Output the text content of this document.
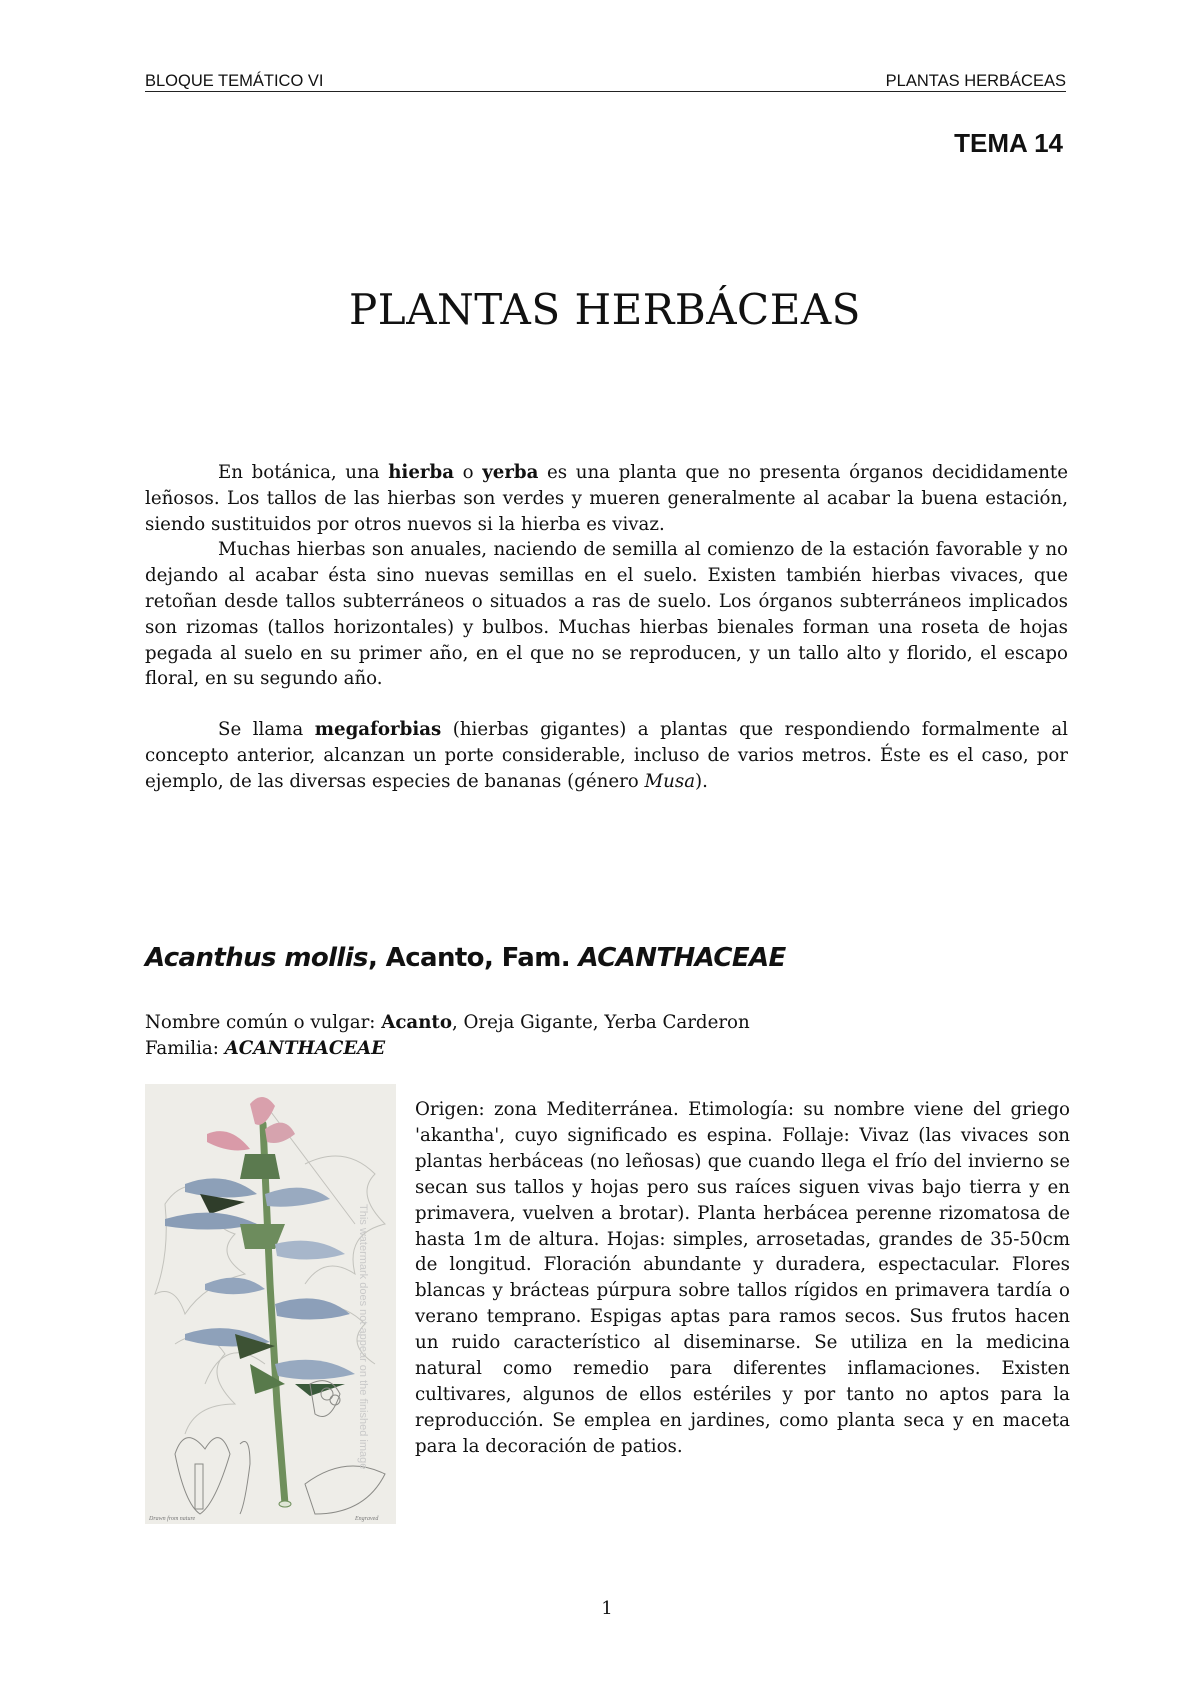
BLOQUE TEMÁTICO VI	PLANTAS HERBÁCEAS
TEMA 14
PLANTAS HERBÁCEAS

En botánica, una hierba o yerba es una planta que no presenta órganos decididamente leñosos. Los tallos de las hierbas son verdes y mueren generalmente al acabar la buena estación, siendo sustituidos por otros nuevos si la hierba es vivaz.

Muchas hierbas son anuales, naciendo de semilla al comienzo de la estación favorable y no dejando al acabar ésta sino nuevas semillas en el suelo. Existen también hierbas vivaces, que retoñan desde tallos subterráneos o situados a ras de suelo. Los órganos subterráneos implicados son rizomas (tallos horizontales) y bulbos. Muchas hierbas bienales forman una roseta de hojas pegada al suelo en su primer año, en el que no se reproducen, y un tallo alto y florido, el escapo floral, en su segundo año.

Se llama megaforbias (hierbas gigantes) a plantas que respondiendo formalmente al concepto anterior, alcanzan un porte considerable, incluso de varios metros. Éste es el caso, por ejemplo, de las diversas especies de bananas (género Musa).

Acanthus mollis, Acanto, Fam. ACANTHACEAE
Nombre común o vulgar: Acanto, Oreja Gigante, Yerba Carderon
Familia: ACANTHACEAE
This watermark does not appear on the finished image
Drawn from nature	Engraved

Origen: zona Mediterránea. Etimología: su nombre viene del griego 'akantha', cuyo significado es espina. Follaje: Vivaz (las vivaces son plantas herbáceas (no leñosas) que cuando llega el frío del invierno se secan sus tallos y hojas pero sus raíces siguen vivas bajo tierra y en primavera, vuelven a brotar). Planta herbácea perenne rizomatosa de hasta 1m de altura. Hojas: simples, arrosetadas, grandes de 35-50cm de longitud. Floración abundante y duradera, espectacular. Flores blancas y brácteas púrpura sobre tallos rígidos en primavera tardía o verano temprano. Espigas aptas para ramos secos. Sus frutos hacen un ruido característico al diseminarse. Se utiliza en la medicina natural como remedio para diferentes inflamaciones. Existen cultivares, algunos de ellos estériles y por tanto no aptos para la reproducción. Se emplea en jardines, como planta seca y en maceta para la decoración de patios.

1
